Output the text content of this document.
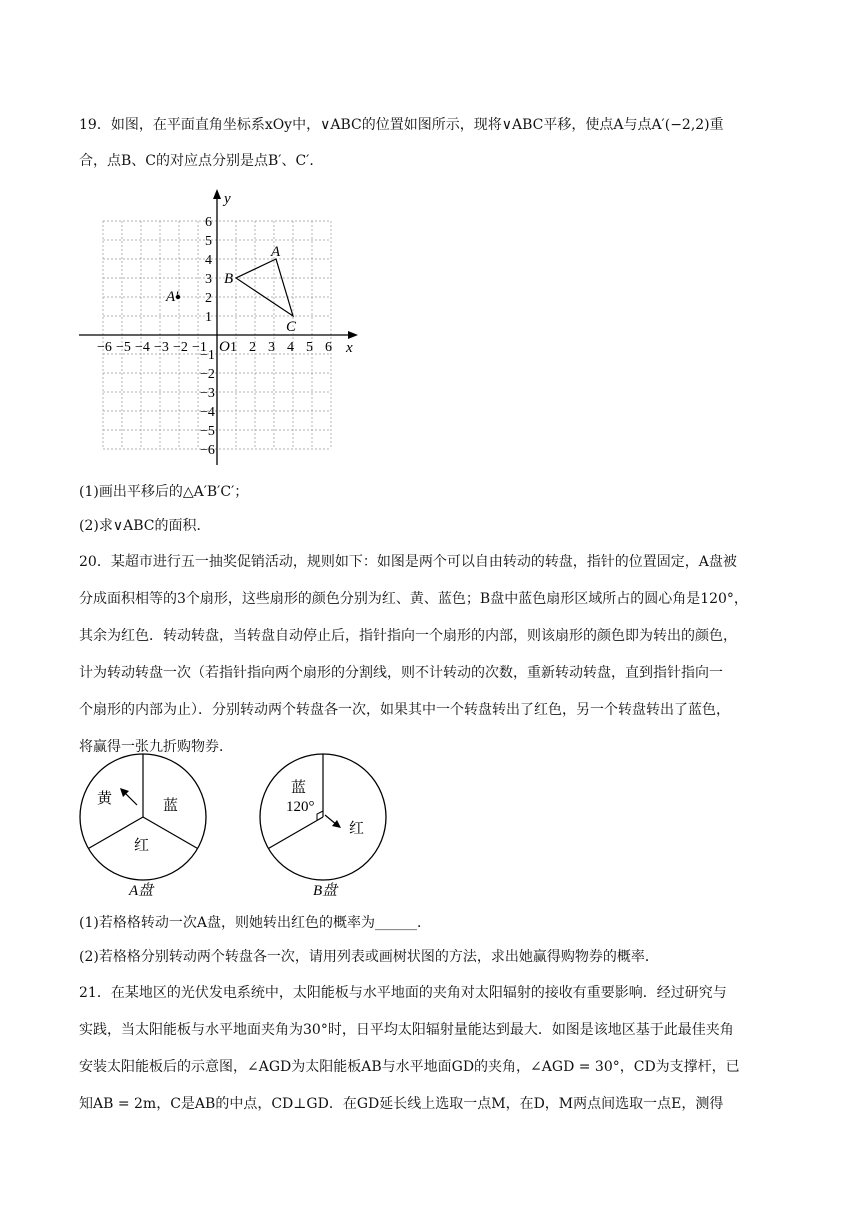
19．如图，在平面直角坐标系xOy中，∨ABC的位置如图所示，现将∨ABC平移，使点A与点A′(−2,2)重
合，点B、C的对应点分别是点B′、C′．
x
y
O
−6 −5 −4 −3 −2 −1 1 2 3 4 5 6
6
5
4
3
2
1
−1
−2
−3
−4
−5
−6
A
B
C
A′
(1)画出平移后的△A′B′C′；
(2)求∨ABC的面积．
20．某超市进行五一抽奖促销活动，规则如下：如图是两个可以自由转动的转盘，指针的位置固定，A盘被
分成面积相等的3个扇形，这些扇形的颜色分别为红、黄、蓝色；B盘中蓝色扇形区域所占的圆心角是120°，
其余为红色．转动转盘，当转盘自动停止后，指针指向一个扇形的内部，则该扇形的颜色即为转出的颜色，
计为转动转盘一次（若指针指向两个扇形的分割线，则不计转动的次数，重新转动转盘，直到指针指向一
个扇形的内部为止）．分别转动两个转盘各一次，如果其中一个转盘转出了红色，另一个转盘转出了蓝色，
将赢得一张九折购物券．
黄	蓝
红
A盘
蓝
120°
红
B盘
(1)若格格转动一次A盘，则她转出红色的概率为______．
(2)若格格分别转动两个转盘各一次，请用列表或画树状图的方法，求出她赢得购物券的概率．
21．在某地区的光伏发电系统中，太阳能板与水平地面的夹角对太阳辐射的接收有重要影响．经过研究与
实践，当太阳能板与水平地面夹角为30°时，日平均太阳辐射量能达到最大．如图是该地区基于此最佳夹角
安装太阳能板后的示意图，∠AGD为太阳能板AB与水平地面GD的夹角，∠AGD = 30°，CD为支撑杆，已
知AB = 2m，C是AB的中点，CD⊥GD．在GD延长线上选取一点M，在D，M两点间选取一点E，测得
